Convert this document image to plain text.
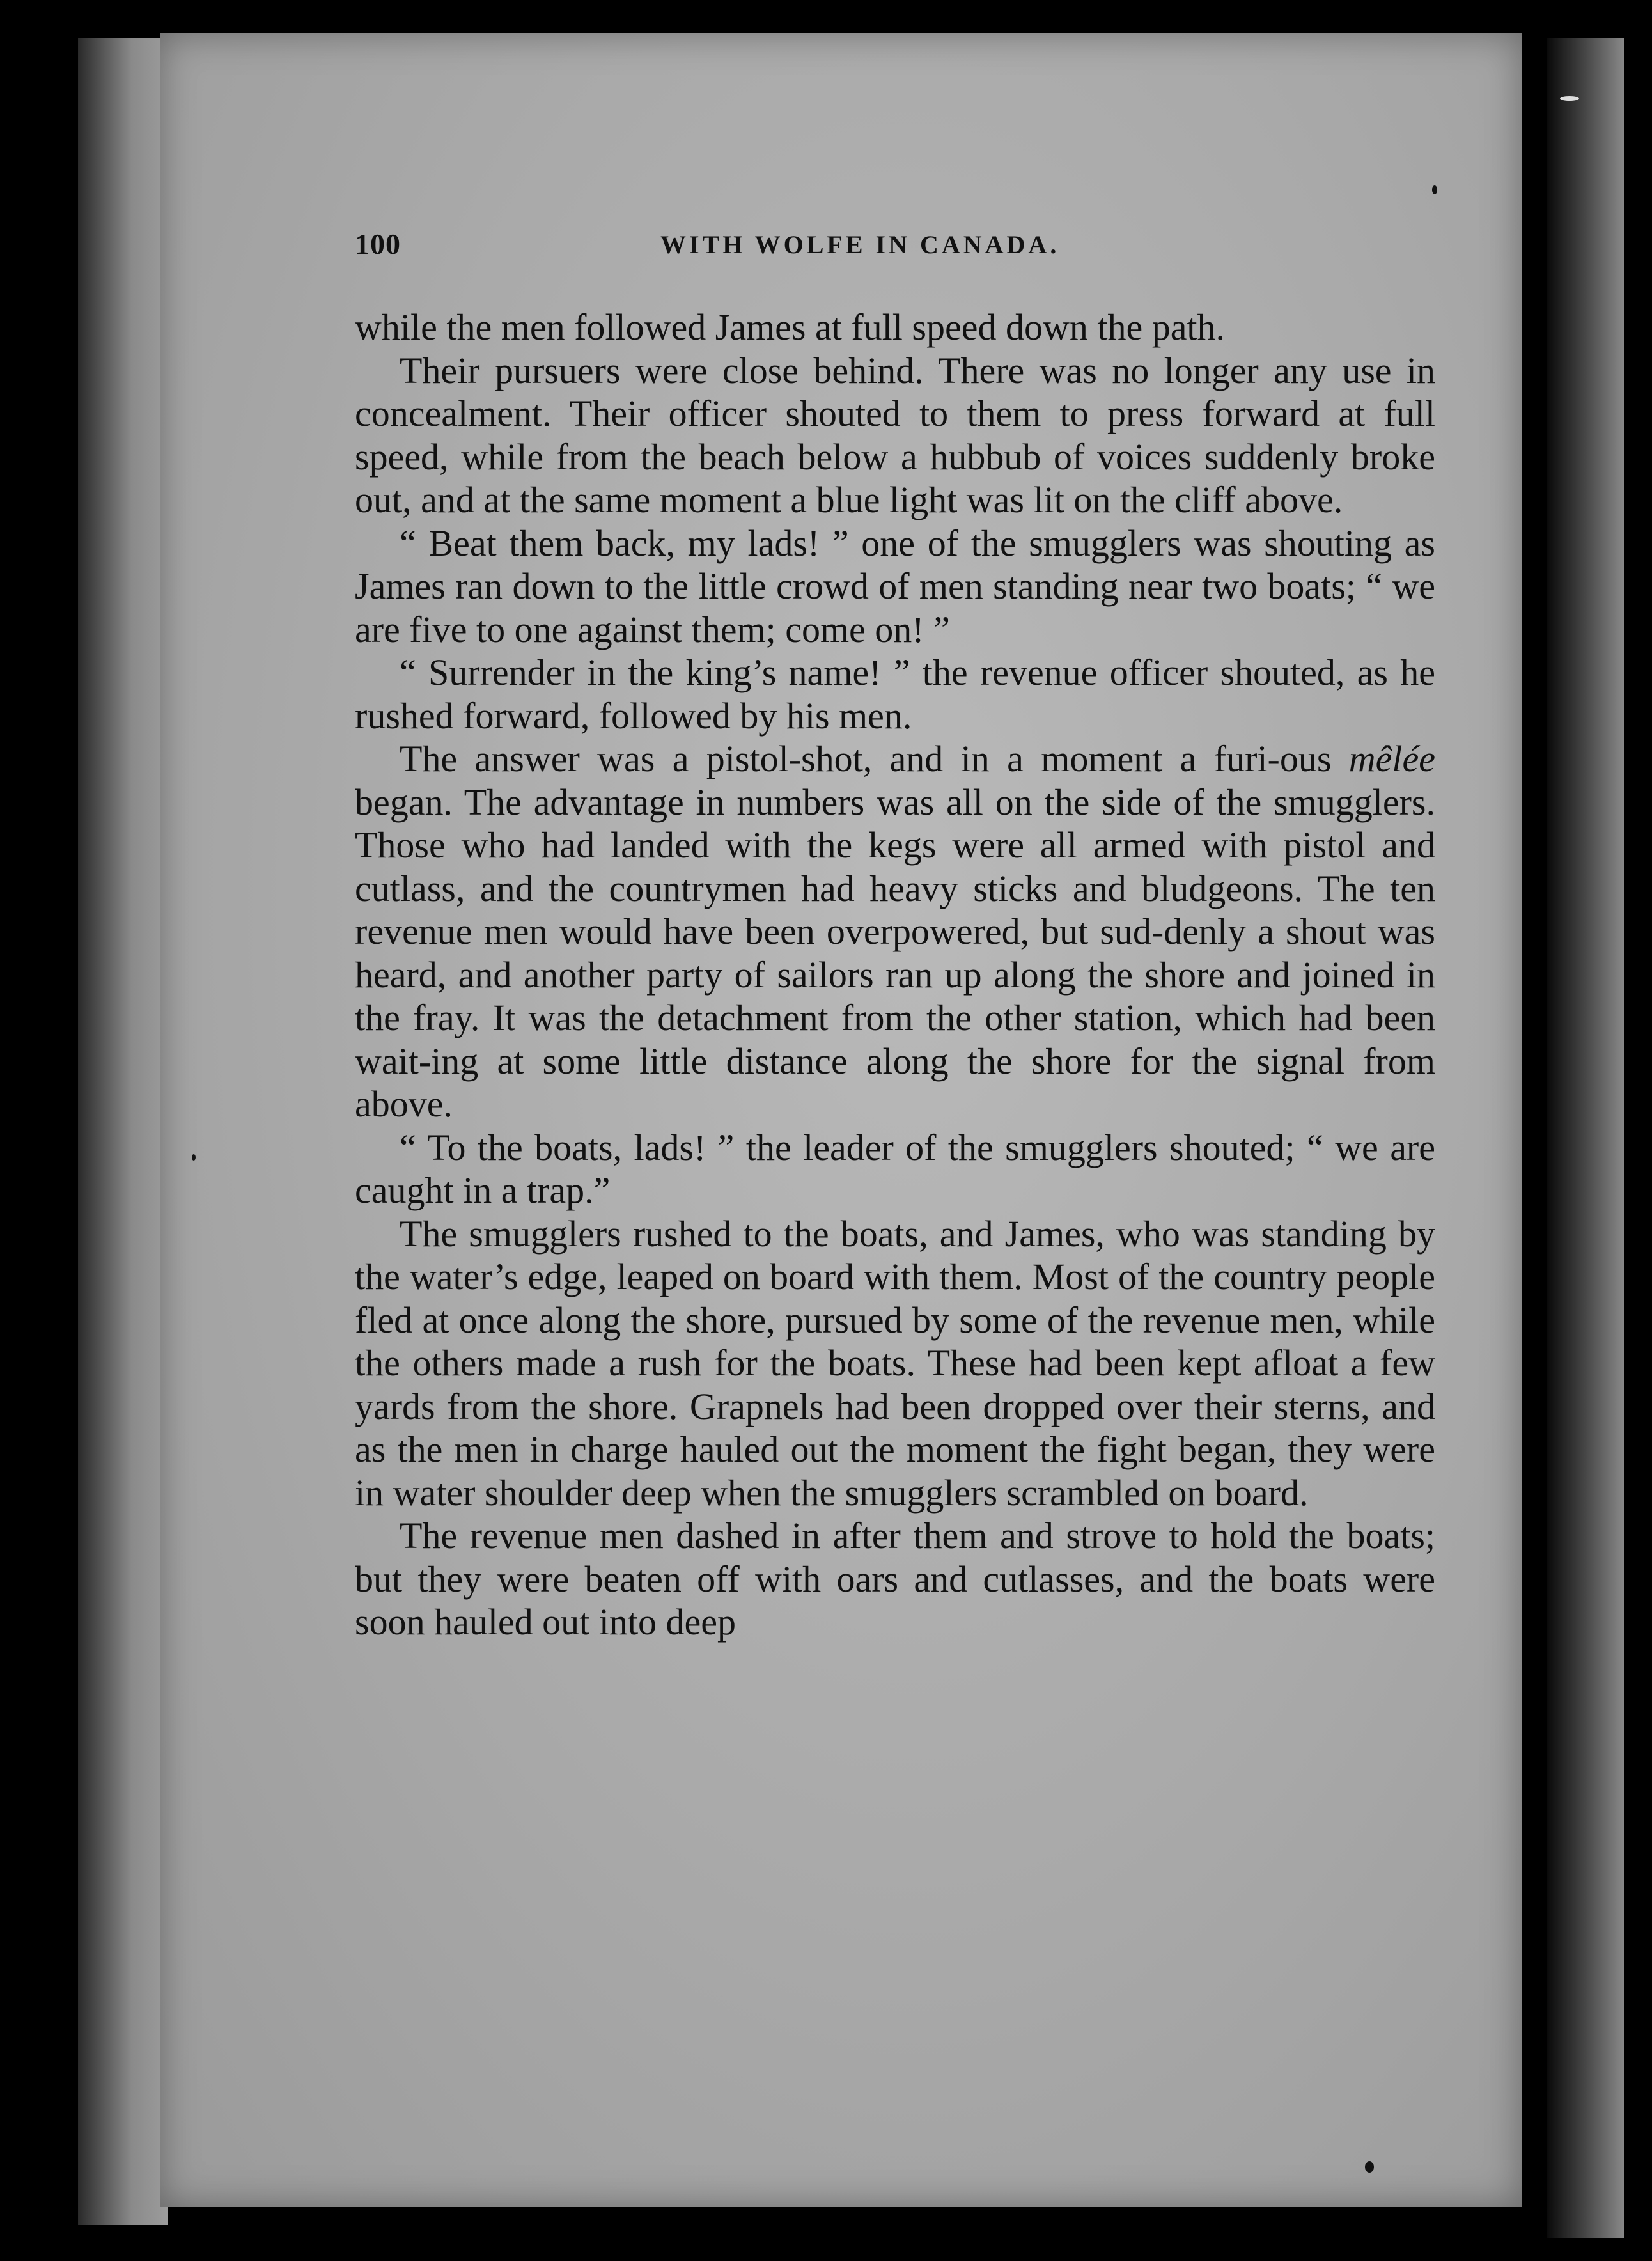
100	WITH WOLFE IN CANADA.

while the men followed James at full speed down the path.

Their pursuers were close behind. There was no longer any use in concealment. Their officer shouted to them to press forward at full speed, while from the beach below a hubbub of voices suddenly broke out, and at the same moment a blue light was lit on the cliff above.

“ Beat them back, my lads! ” one of the smugglers was shouting as James ran down to the little crowd of men standing near two boats; “ we are five to one against them; come on! ”

“ Surrender in the king’s name! ” the revenue officer shouted, as he rushed forward, followed by his men.

The answer was a pistol-shot, and in a moment a furi-ous mêlée began. The advantage in numbers was all on the side of the smugglers. Those who had landed with the kegs were all armed with pistol and cutlass, and the countrymen had heavy sticks and bludgeons. The ten revenue men would have been overpowered, but sud-denly a shout was heard, and another party of sailors ran up along the shore and joined in the fray. It was the detachment from the other station, which had been wait-ing at some little distance along the shore for the signal from above.

“ To the boats, lads! ” the leader of the smugglers shouted; “ we are caught in a trap.”

The smugglers rushed to the boats, and James, who was standing by the water’s edge, leaped on board with them. Most of the country people fled at once along the shore, pursued by some of the revenue men, while the others made a rush for the boats. These had been kept afloat a few yards from the shore. Grapnels had been dropped over their sterns, and as the men in charge hauled out the moment the fight began, they were in water shoulder deep when the smugglers scrambled on board.

The revenue men dashed in after them and strove to hold the boats; but they were beaten off with oars and cutlasses, and the boats were soon hauled out into deep
